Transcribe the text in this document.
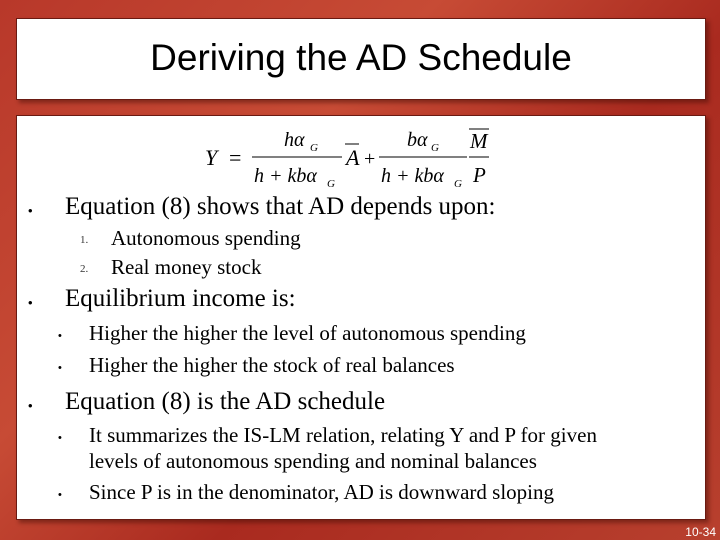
Deriving the AD Schedule
Y =
hα G
h + kbα G
A +
bα G
h + kbα G
M
P
• Equation (8) shows that AD depends upon:
1. Autonomous spending
2. Real money stock
• Equilibrium income is:
• Higher the higher the level of autonomous spending
• Higher the higher the stock of real balances
• Equation (8) is the AD schedule
• It summarizes the IS-LM relation, relating Y and P for given
levels of autonomous spending and nominal balances
• Since P is in the denominator, AD is downward sloping
10-34
